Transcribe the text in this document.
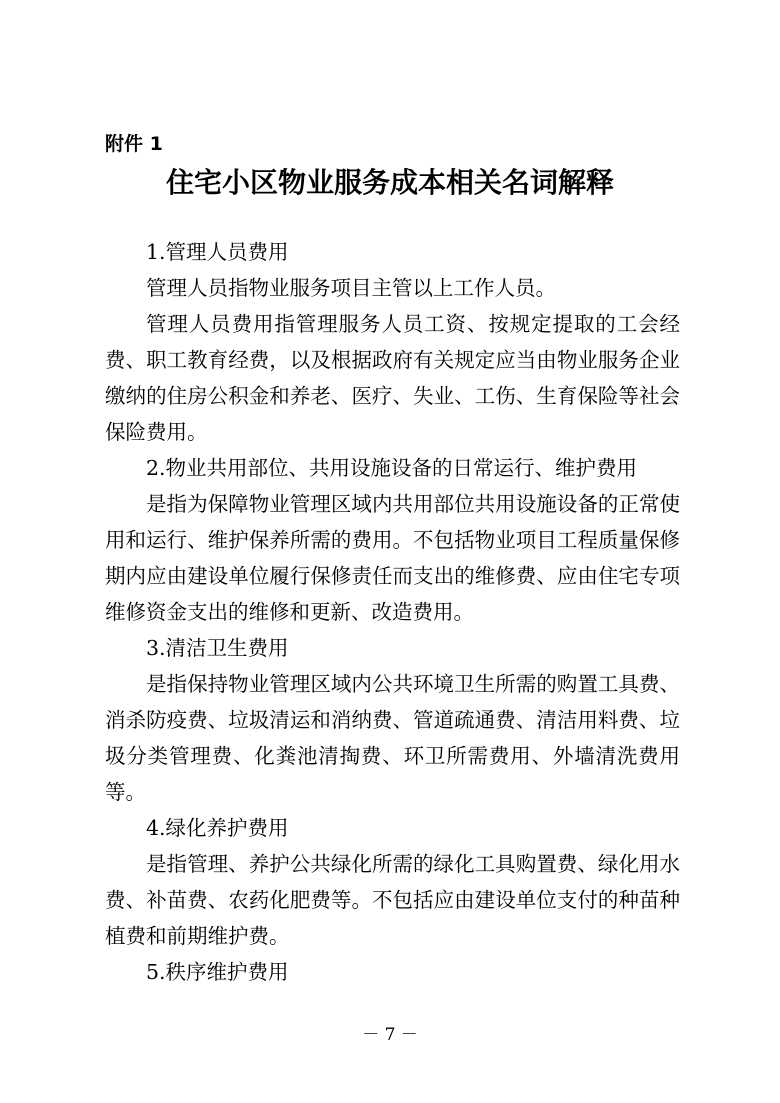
附件 1
住宅小区物业服务成本相关名词解释

1.管理人员费用

管理人员指物业服务项目主管以上工作人员。

管理人员费用指管理服务人员工资、按规定提取的工会经费、职工教育经费，以及根据政府有关规定应当由物业服务企业缴纳的住房公积金和养老、医疗、失业、工伤、生育保险等社会保险费用。

2.物业共用部位、共用设施设备的日常运行、维护费用

是指为保障物业管理区域内共用部位共用设施设备的正常使用和运行、维护保养所需的费用。不包括物业项目工程质量保修期内应由建设单位履行保修责任而支出的维修费、应由住宅专项维修资金支出的维修和更新、改造费用。

3.清洁卫生费用

是指保持物业管理区域内公共环境卫生所需的购置工具费、消杀防疫费、垃圾清运和消纳费、管道疏通费、清洁用料费、垃圾分类管理费、化粪池清掏费、环卫所需费用、外墙清洗费用等。

4.绿化养护费用

是指管理、养护公共绿化所需的绿化工具购置费、绿化用水费、补苗费、农药化肥费等。不包括应由建设单位支付的种苗种植费和前期维护费。

5.秩序维护费用

－ 7 －
